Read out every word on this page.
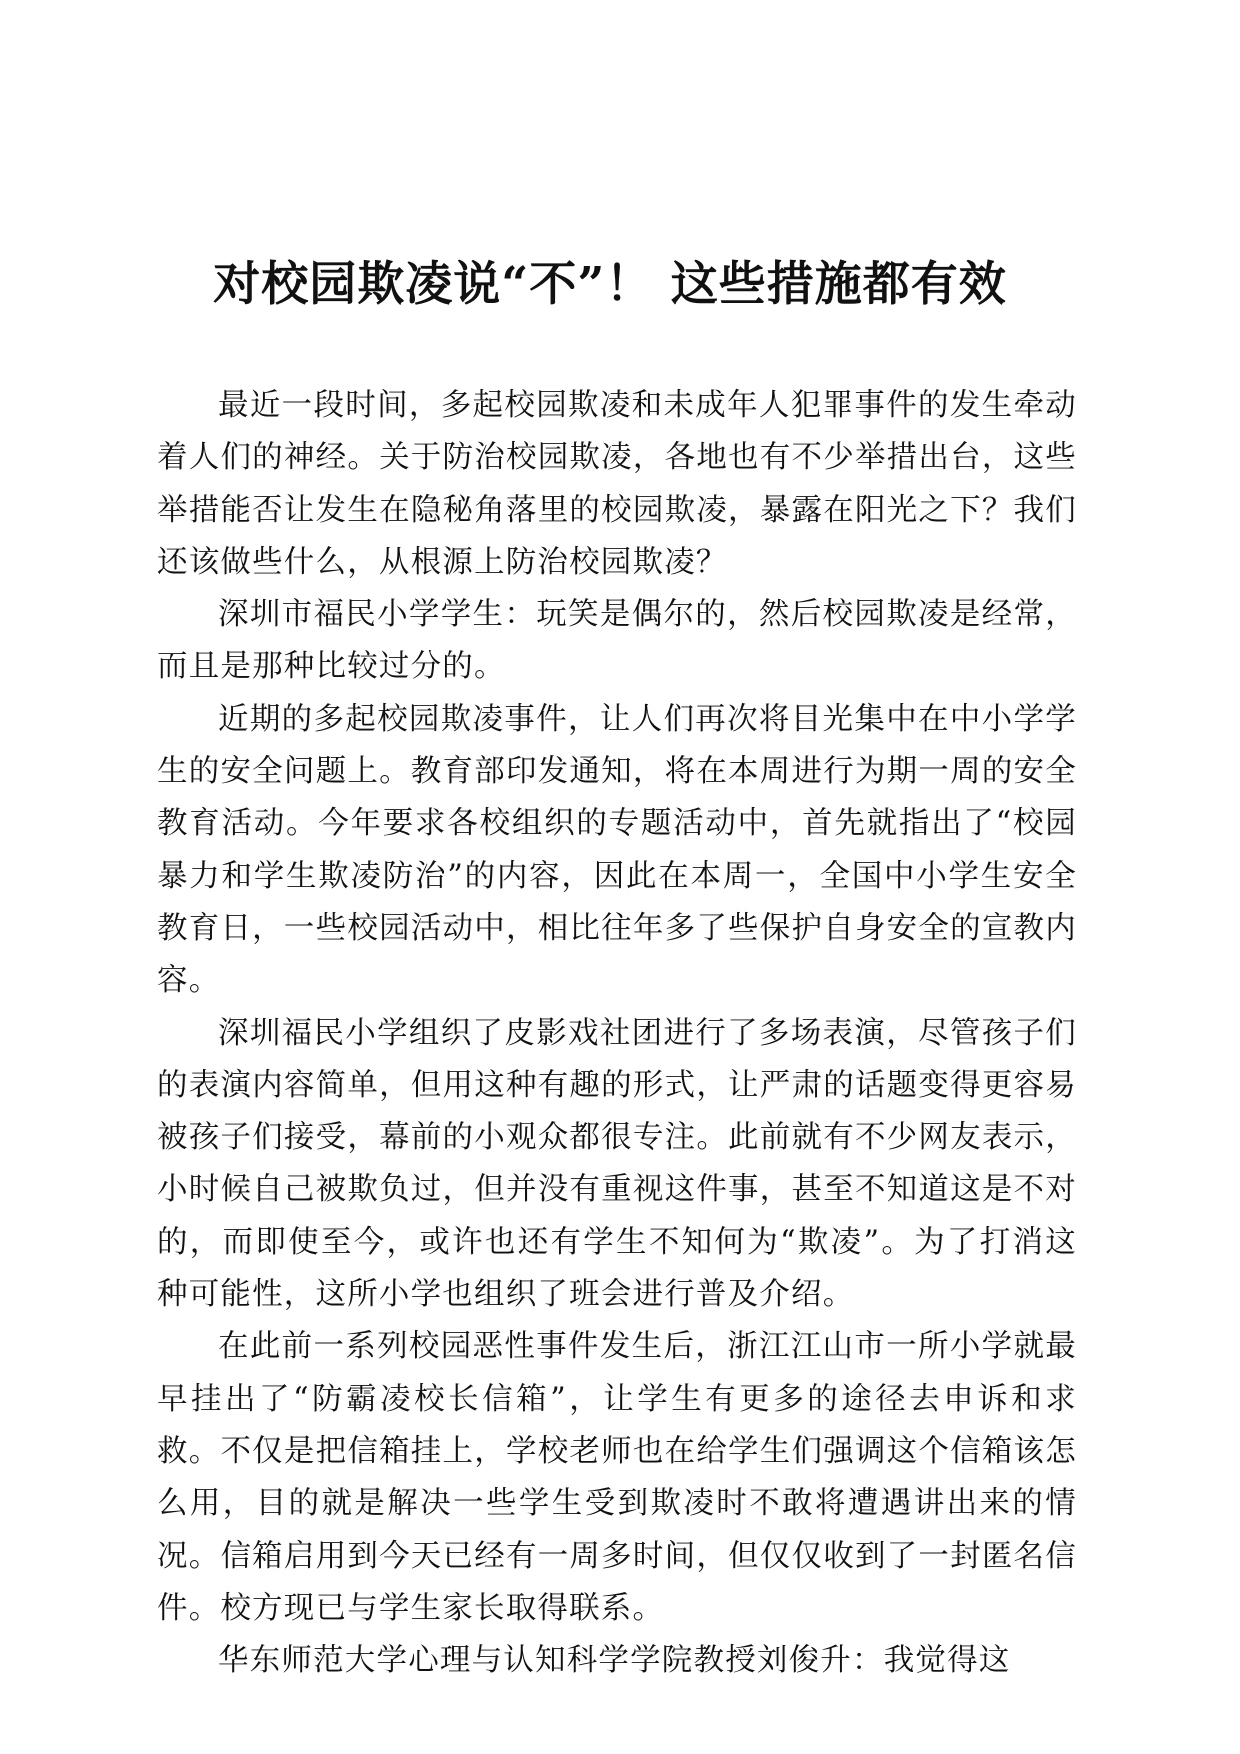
对校园欺凌说“不”！ 这些措施都有效

最近一段时间，多起校园欺凌和未成年人犯罪事件的发生牵动着人们的神经。关于防治校园欺凌，各地也有不少举措出台，这些举措能否让发生在隐秘角落里的校园欺凌，暴露在阳光之下？我们还该做些什么，从根源上防治校园欺凌？

深圳市福民小学学生：玩笑是偶尔的，然后校园欺凌是经常，而且是那种比较过分的。

近期的多起校园欺凌事件，让人们再次将目光集中在中小学学生的安全问题上。教育部印发通知，将在本周进行为期一周的安全教育活动。今年要求各校组织的专题活动中，首先就指出了“校园暴力和学生欺凌防治”的内容，因此在本周一，全国中小学生安全教育日，一些校园活动中，相比往年多了些保护自身安全的宣教内容。

深圳福民小学组织了皮影戏社团进行了多场表演，尽管孩子们的表演内容简单，但用这种有趣的形式，让严肃的话题变得更容易被孩子们接受，幕前的小观众都很专注。此前就有不少网友表示，小时候自己被欺负过，但并没有重视这件事，甚至不知道这是不对的，而即使至今，或许也还有学生不知何为“欺凌”。为了打消这种可能性，这所小学也组织了班会进行普及介绍。

在此前一系列校园恶性事件发生后，浙江江山市一所小学就最早挂出了“防霸凌校长信箱”，让学生有更多的途径去申诉和求救。不仅是把信箱挂上，学校老师也在给学生们强调这个信箱该怎么用，目的就是解决一些学生受到欺凌时不敢将遭遇讲出来的情况。信箱启用到今天已经有一周多时间，但仅仅收到了一封匿名信件。校方现已与学生家长取得联系。

华东师范大学心理与认知科学学院教授刘俊升：我觉得这
